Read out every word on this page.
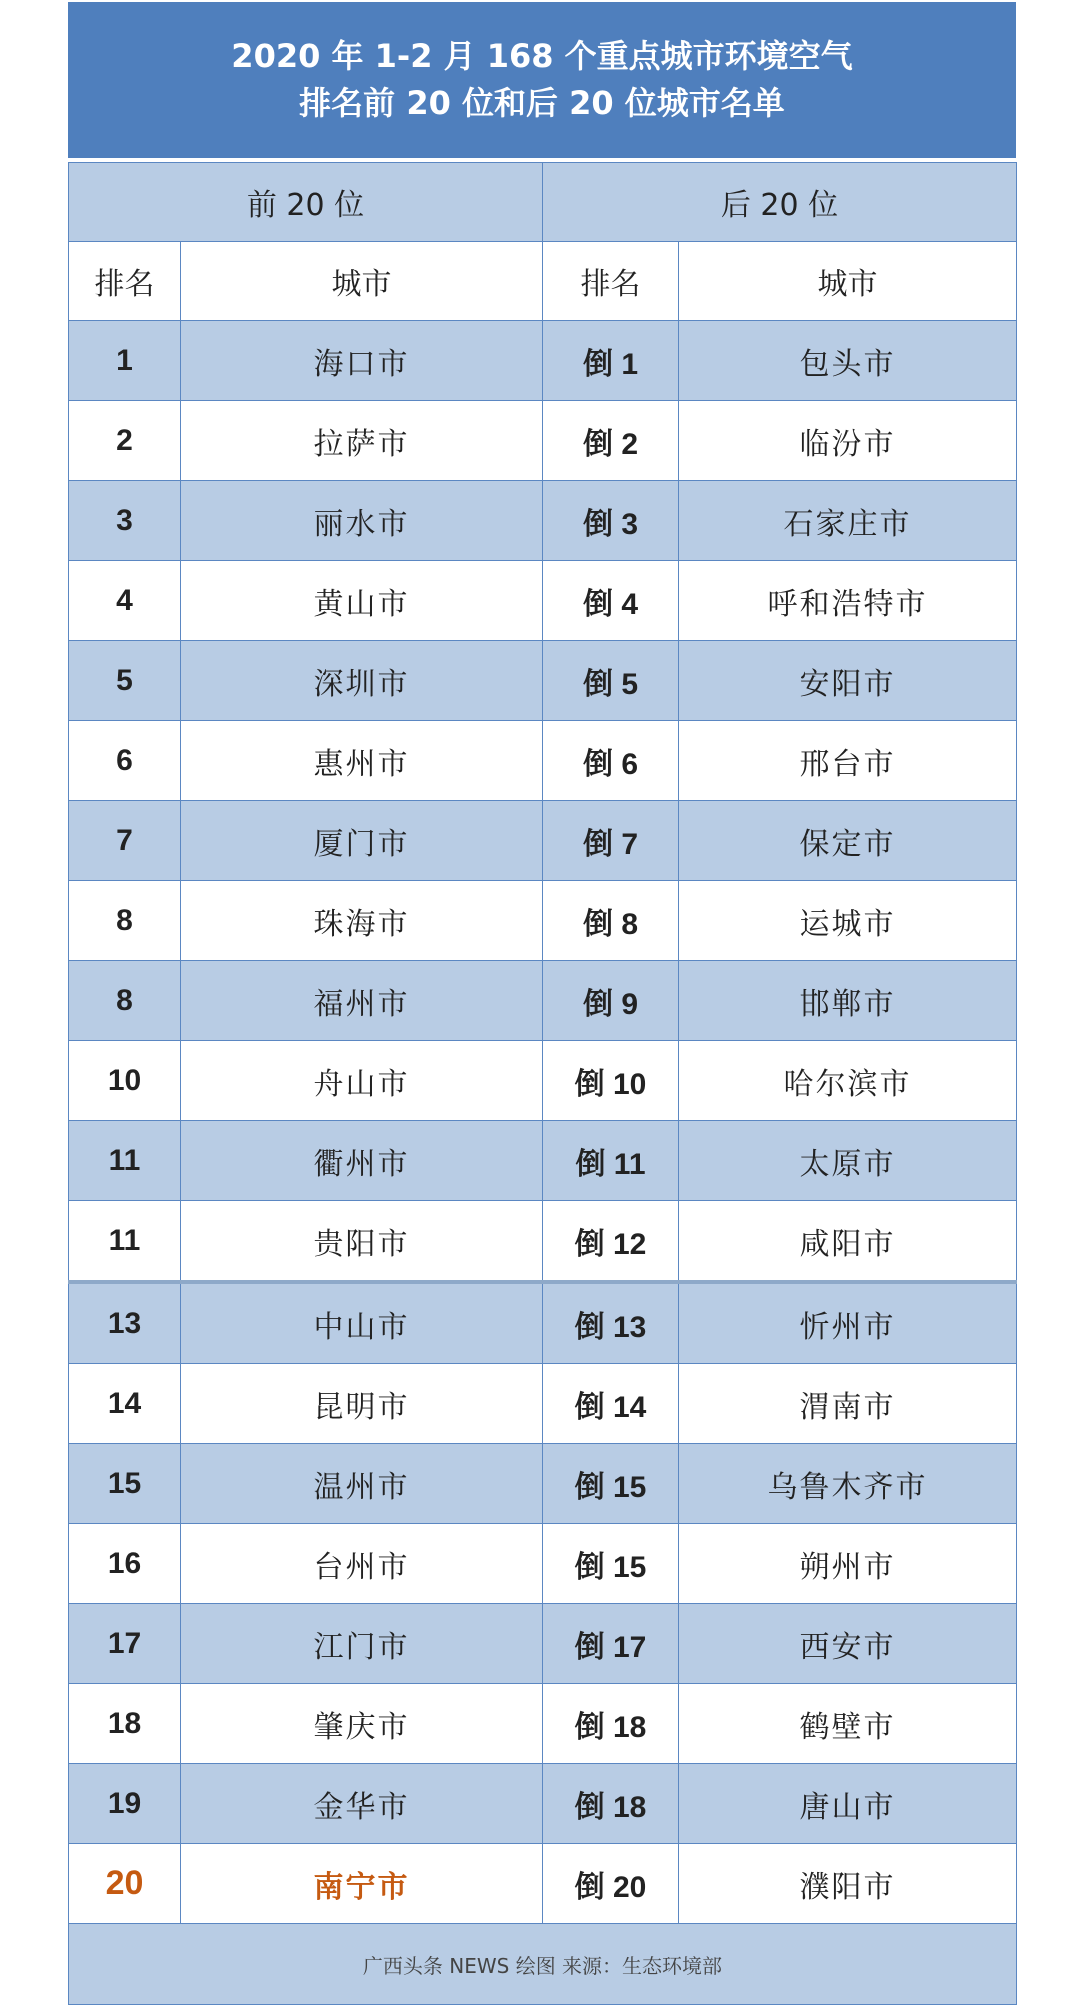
2020 年 1-2 月 168 个重点城市环境空气
排名前 20 位和后 20 位城市名单
前 20 位		后 20 位	
排名	城市	排名	城市
1	海口市	倒 1	包头市
2	拉萨市	倒 2	临汾市
3	丽水市	倒 3	石家庄市
4	黄山市	倒 4	呼和浩特市
5	深圳市	倒 5	安阳市
6	惠州市	倒 6	邢台市
7	厦门市	倒 7	保定市
8	珠海市	倒 8	运城市
8	福州市	倒 9	邯郸市
10	舟山市	倒 10	哈尔滨市
11	衢州市	倒 11	太原市
11	贵阳市	倒 12	咸阳市
13	中山市	倒 13	忻州市
14	昆明市	倒 14	渭南市
15	温州市	倒 15	乌鲁木齐市
16	台州市	倒 15	朔州市
17	江门市	倒 17	西安市
18	肇庆市	倒 18	鹤壁市
19	金华市	倒 18	唐山市
20	南宁市	倒 20	濮阳市
广西头条 NEWS 绘图 来源：生态环境部			
